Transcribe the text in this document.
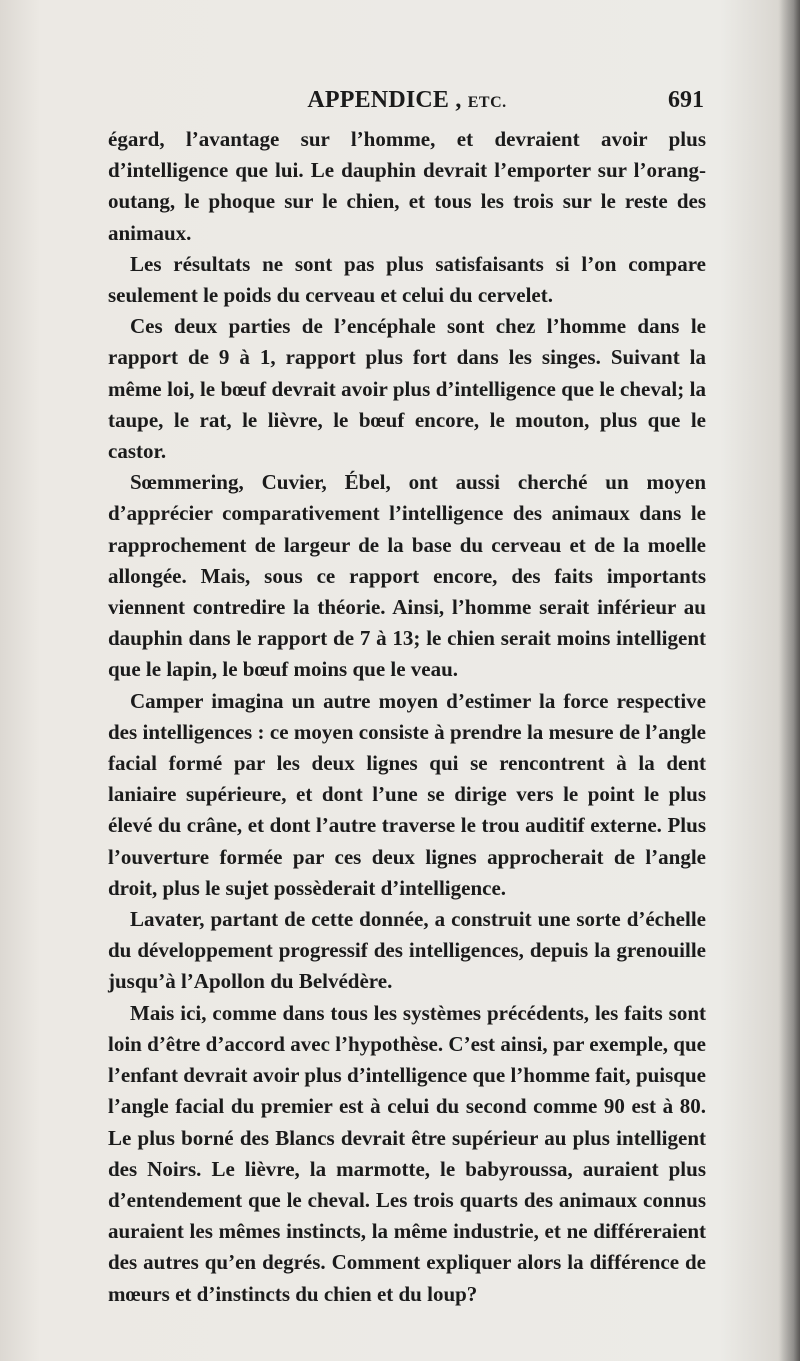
APPENDICE , ETC.	691

égard, l’avantage sur l’homme, et devraient avoir plus d’intelligence que lui. Le dauphin devrait l’emporter sur l’orang-outang, le phoque sur le chien, et tous les trois sur le reste des animaux.

Les résultats ne sont pas plus satisfaisants si l’on compare seulement le poids du cerveau et celui du cervelet.

Ces deux parties de l’encéphale sont chez l’homme dans le rapport de 9 à 1, rapport plus fort dans les singes. Suivant la même loi, le bœuf devrait avoir plus d’intelligence que le cheval; la taupe, le rat, le lièvre, le bœuf encore, le mouton, plus que le castor.

Sœmmering, Cuvier, Ébel, ont aussi cherché un moyen d’apprécier comparativement l’intelligence des animaux dans le rapprochement de largeur de la base du cerveau et de la moelle allongée. Mais, sous ce rapport encore, des faits importants viennent contredire la théorie. Ainsi, l’homme serait inférieur au dauphin dans le rapport de 7 à 13; le chien serait moins intelligent que le lapin, le bœuf moins que le veau.

Camper imagina un autre moyen d’estimer la force respective des intelligences : ce moyen consiste à prendre la mesure de l’angle facial formé par les deux lignes qui se rencontrent à la dent laniaire supérieure, et dont l’une se dirige vers le point le plus élevé du crâne, et dont l’autre traverse le trou auditif externe. Plus l’ouverture formée par ces deux lignes approcherait de l’angle droit, plus le sujet possèderait d’intelligence.

Lavater, partant de cette donnée, a construit une sorte d’échelle du développement progressif des intelligences, depuis la grenouille jusqu’à l’Apollon du Belvédère.

Mais ici, comme dans tous les systèmes précédents, les faits sont loin d’être d’accord avec l’hypothèse. C’est ainsi, par exemple, que l’enfant devrait avoir plus d’intelligence que l’homme fait, puisque l’angle facial du premier est à celui du second comme 90 est à 80. Le plus borné des Blancs devrait être supérieur au plus intelligent des Noirs. Le lièvre, la marmotte, le babyroussa, auraient plus d’entendement que le cheval. Les trois quarts des animaux connus auraient les mêmes instincts, la même industrie, et ne différeraient des autres qu’en degrés. Comment expliquer alors la différence de mœurs et d’instincts du chien et du loup?
